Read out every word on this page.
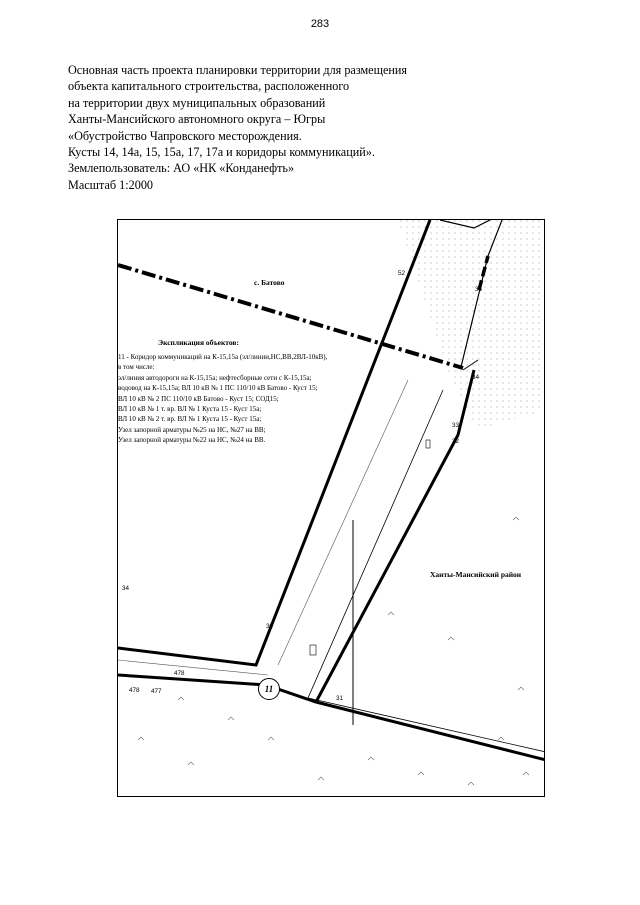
283
Основная часть проекта планировки территории для размещения
объекта капитального строительства, расположенного
на территории двух муниципальных образований
Ханты-Мансийского автономного округа – Югры
«Обустройство Чапровского месторождения.
Кусты 14, 14а, 15, 15а, 17, 17а и коридоры коммуникаций».
Землепользователь: АО «НК «Конданефть»
Масштаб 1:2000
с. Батово
Ханты-Мансийский район
Экспликация объектов:
11 - Коридор коммуникаций на К-15,15а (эл/линии,НС,ВВ,2ВЛ-10кВ),
в том числе:
эл/линия автодороги на К-15,15а; нефтесборные сети с К-15,15а;
водовод на К-15,15а; ВЛ 10 кВ № 1 ПС 110/10 кВ Батово - Куст 15;
ВЛ 10 кВ № 2 ПС 110/10 кВ Батово - Куст 15; СОД15;
ВЛ 10 кВ № 1 т. вр. ВЛ № 1 Куста 15 - Куст 15а;
ВЛ 10 кВ № 2 т. вр. ВЛ № 1 Куста 15 - Куст 15а;
Узел запорной арматуры №25 на НС, №27 на ВВ;
Узел запорной арматуры №22 на НС, №24 на ВВ.
11
52
35
34
33
32
34
30
478 477
478
31
